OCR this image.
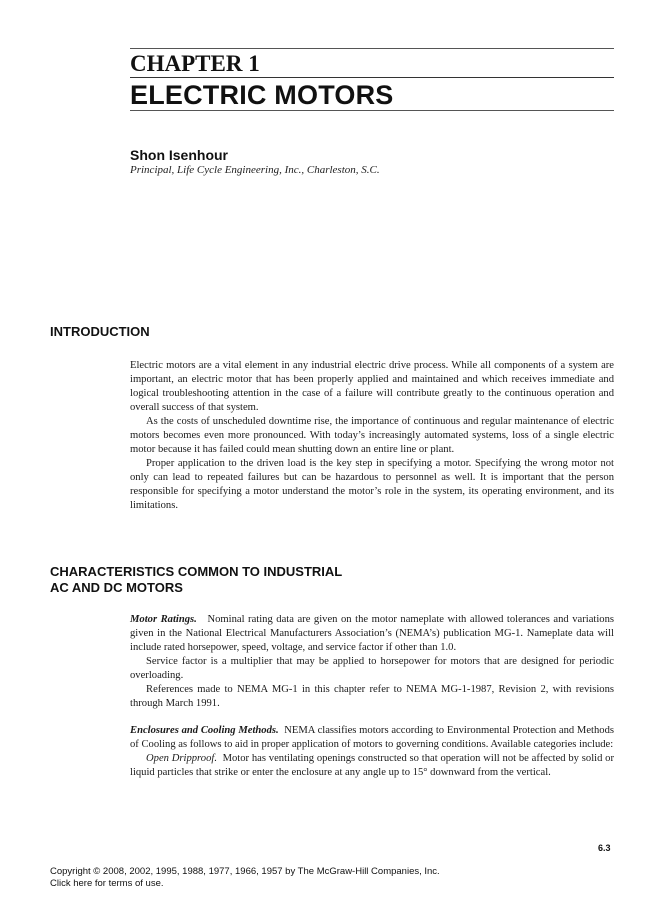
CHAPTER 1
ELECTRIC MOTORS
Shon Isenhour
Principal, Life Cycle Engineering, Inc., Charleston, S.C.
INTRODUCTION

Electric motors are a vital element in any industrial electric drive process. While all components of a system are important, an electric motor that has been properly applied and maintained and which receives immediate and logical troubleshooting attention in the case of a failure will contribute greatly to the continuous operation and overall success of that system.

As the costs of unscheduled downtime rise, the importance of continuous and regular maintenance of electric motors becomes even more pronounced. With today’s increasingly automated systems, loss of a single electric motor because it has failed could mean shutting down an entire line or plant.

Proper application to the driven load is the key step in specifying a motor. Specifying the wrong motor not only can lead to repeated failures but can be hazardous to personnel as well. It is important that the person responsible for specifying a motor understand the motor’s role in the system, its operating environment, and its limitations.

CHARACTERISTICS COMMON TO INDUSTRIAL
AC AND DC MOTORS

Motor Ratings. Nominal rating data are given on the motor nameplate with allowed tolerances and variations given in the National Electrical Manufacturers Association’s (NEMA’s) publication MG-1. Nameplate data will include rated horsepower, speed, voltage, and service factor if other than 1.0.

Service factor is a multiplier that may be applied to horsepower for motors that are designed for periodic overloading.

References made to NEMA MG-1 in this chapter refer to NEMA MG-1-1987, Revision 2, with revisions through March 1991.

Enclosures and Cooling Methods. NEMA classifies motors according to Environmental Protection and Methods of Cooling as follows to aid in proper application of motors to governing conditions. Available categories include:

Open Dripproof. Motor has ventilating openings constructed so that operation will not be affected by solid or liquid particles that strike or enter the enclosure at any angle up to 15° downward from the vertical.

6.3
Copyright © 2008, 2002, 1995, 1988, 1977, 1966, 1957 by The McGraw-Hill Companies, Inc.
Click here for terms of use.
